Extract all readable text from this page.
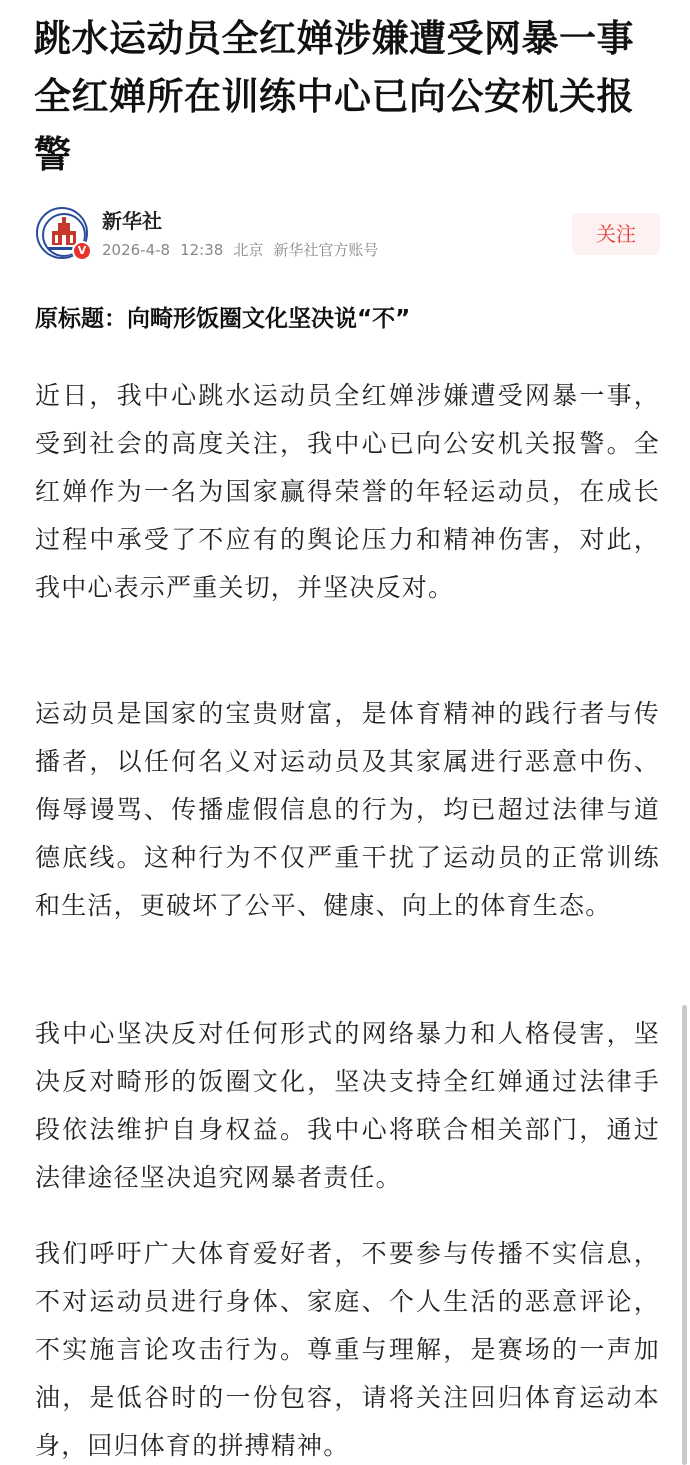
跳水运动员全红婵涉嫌遭受网暴一事全红婵所在训练中心已向公安机关报警
V
新华社
2026-4-8 12:38 北京 新华社官方账号
关注
原标题：向畸形饭圈文化坚决说“不”

近日，我中心跳水运动员全红婵涉嫌遭受网暴一事，受到社会的高度关注，我中心已向公安机关报警。全红婵作为一名为国家赢得荣誉的年轻运动员，在成长过程中承受了不应有的舆论压力和精神伤害，对此，我中心表示严重关切，并坚决反对。

运动员是国家的宝贵财富，是体育精神的践行者与传播者，以任何名义对运动员及其家属进行恶意中伤、侮辱谩骂、传播虚假信息的行为，均已超过法律与道德底线。这种行为不仅严重干扰了运动员的正常训练和生活，更破坏了公平、健康、向上的体育生态。

我中心坚决反对任何形式的网络暴力和人格侵害，坚决反对畸形的饭圈文化，坚决支持全红婵通过法律手段依法维护自身权益。我中心将联合相关部门，通过法律途径坚决追究网暴者责任。

我们呼吁广大体育爱好者，不要参与传播不实信息，不对运动员进行身体、家庭、个人生活的恶意评论，不实施言论攻击行为。尊重与理解，是赛场的一声加油，是低谷时的一份包容，请将关注回归体育运动本身，回归体育的拼搏精神。
